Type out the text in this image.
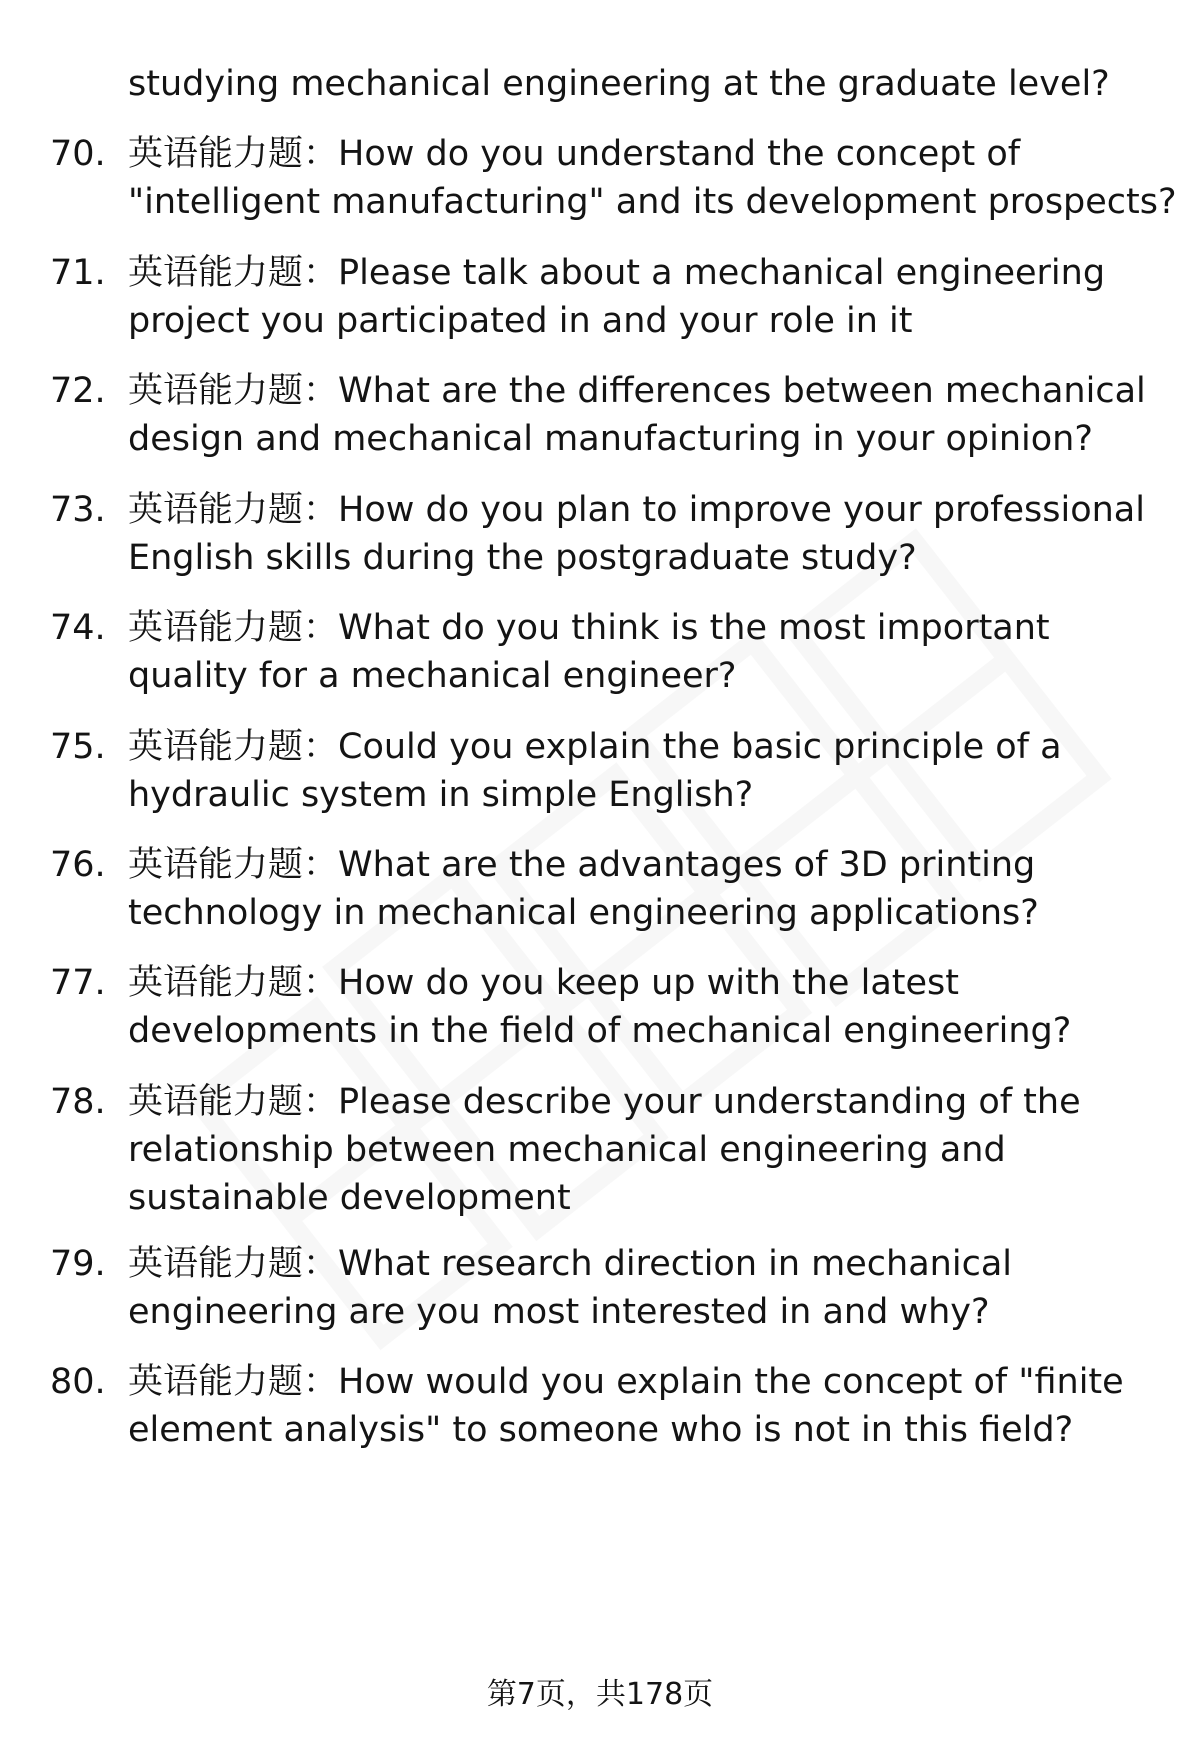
studying mechanical engineering at the graduate level?
70. 英语能力题：How do you understand the concept of
"intelligent manufacturing" and its development prospects?
71. 英语能力题：Please talk about a mechanical engineering
project you participated in and your role in it
72. 英语能力题：What are the differences between mechanical
design and mechanical manufacturing in your opinion?
73. 英语能力题：How do you plan to improve your professional
English skills during the postgraduate study?
74. 英语能力题：What do you think is the most important
quality for a mechanical engineer?
75. 英语能力题：Could you explain the basic principle of a
hydraulic system in simple English?
76. 英语能力题：What are the advantages of 3D printing
technology in mechanical engineering applications?
77. 英语能力题：How do you keep up with the latest
developments in the field of mechanical engineering?
78. 英语能力题：Please describe your understanding of the
relationship between mechanical engineering and
sustainable development
79. 英语能力题：What research direction in mechanical
engineering are you most interested in and why?
80. 英语能力题：How would you explain the concept of "finite
element analysis" to someone who is not in this field?
第7页，共178页
